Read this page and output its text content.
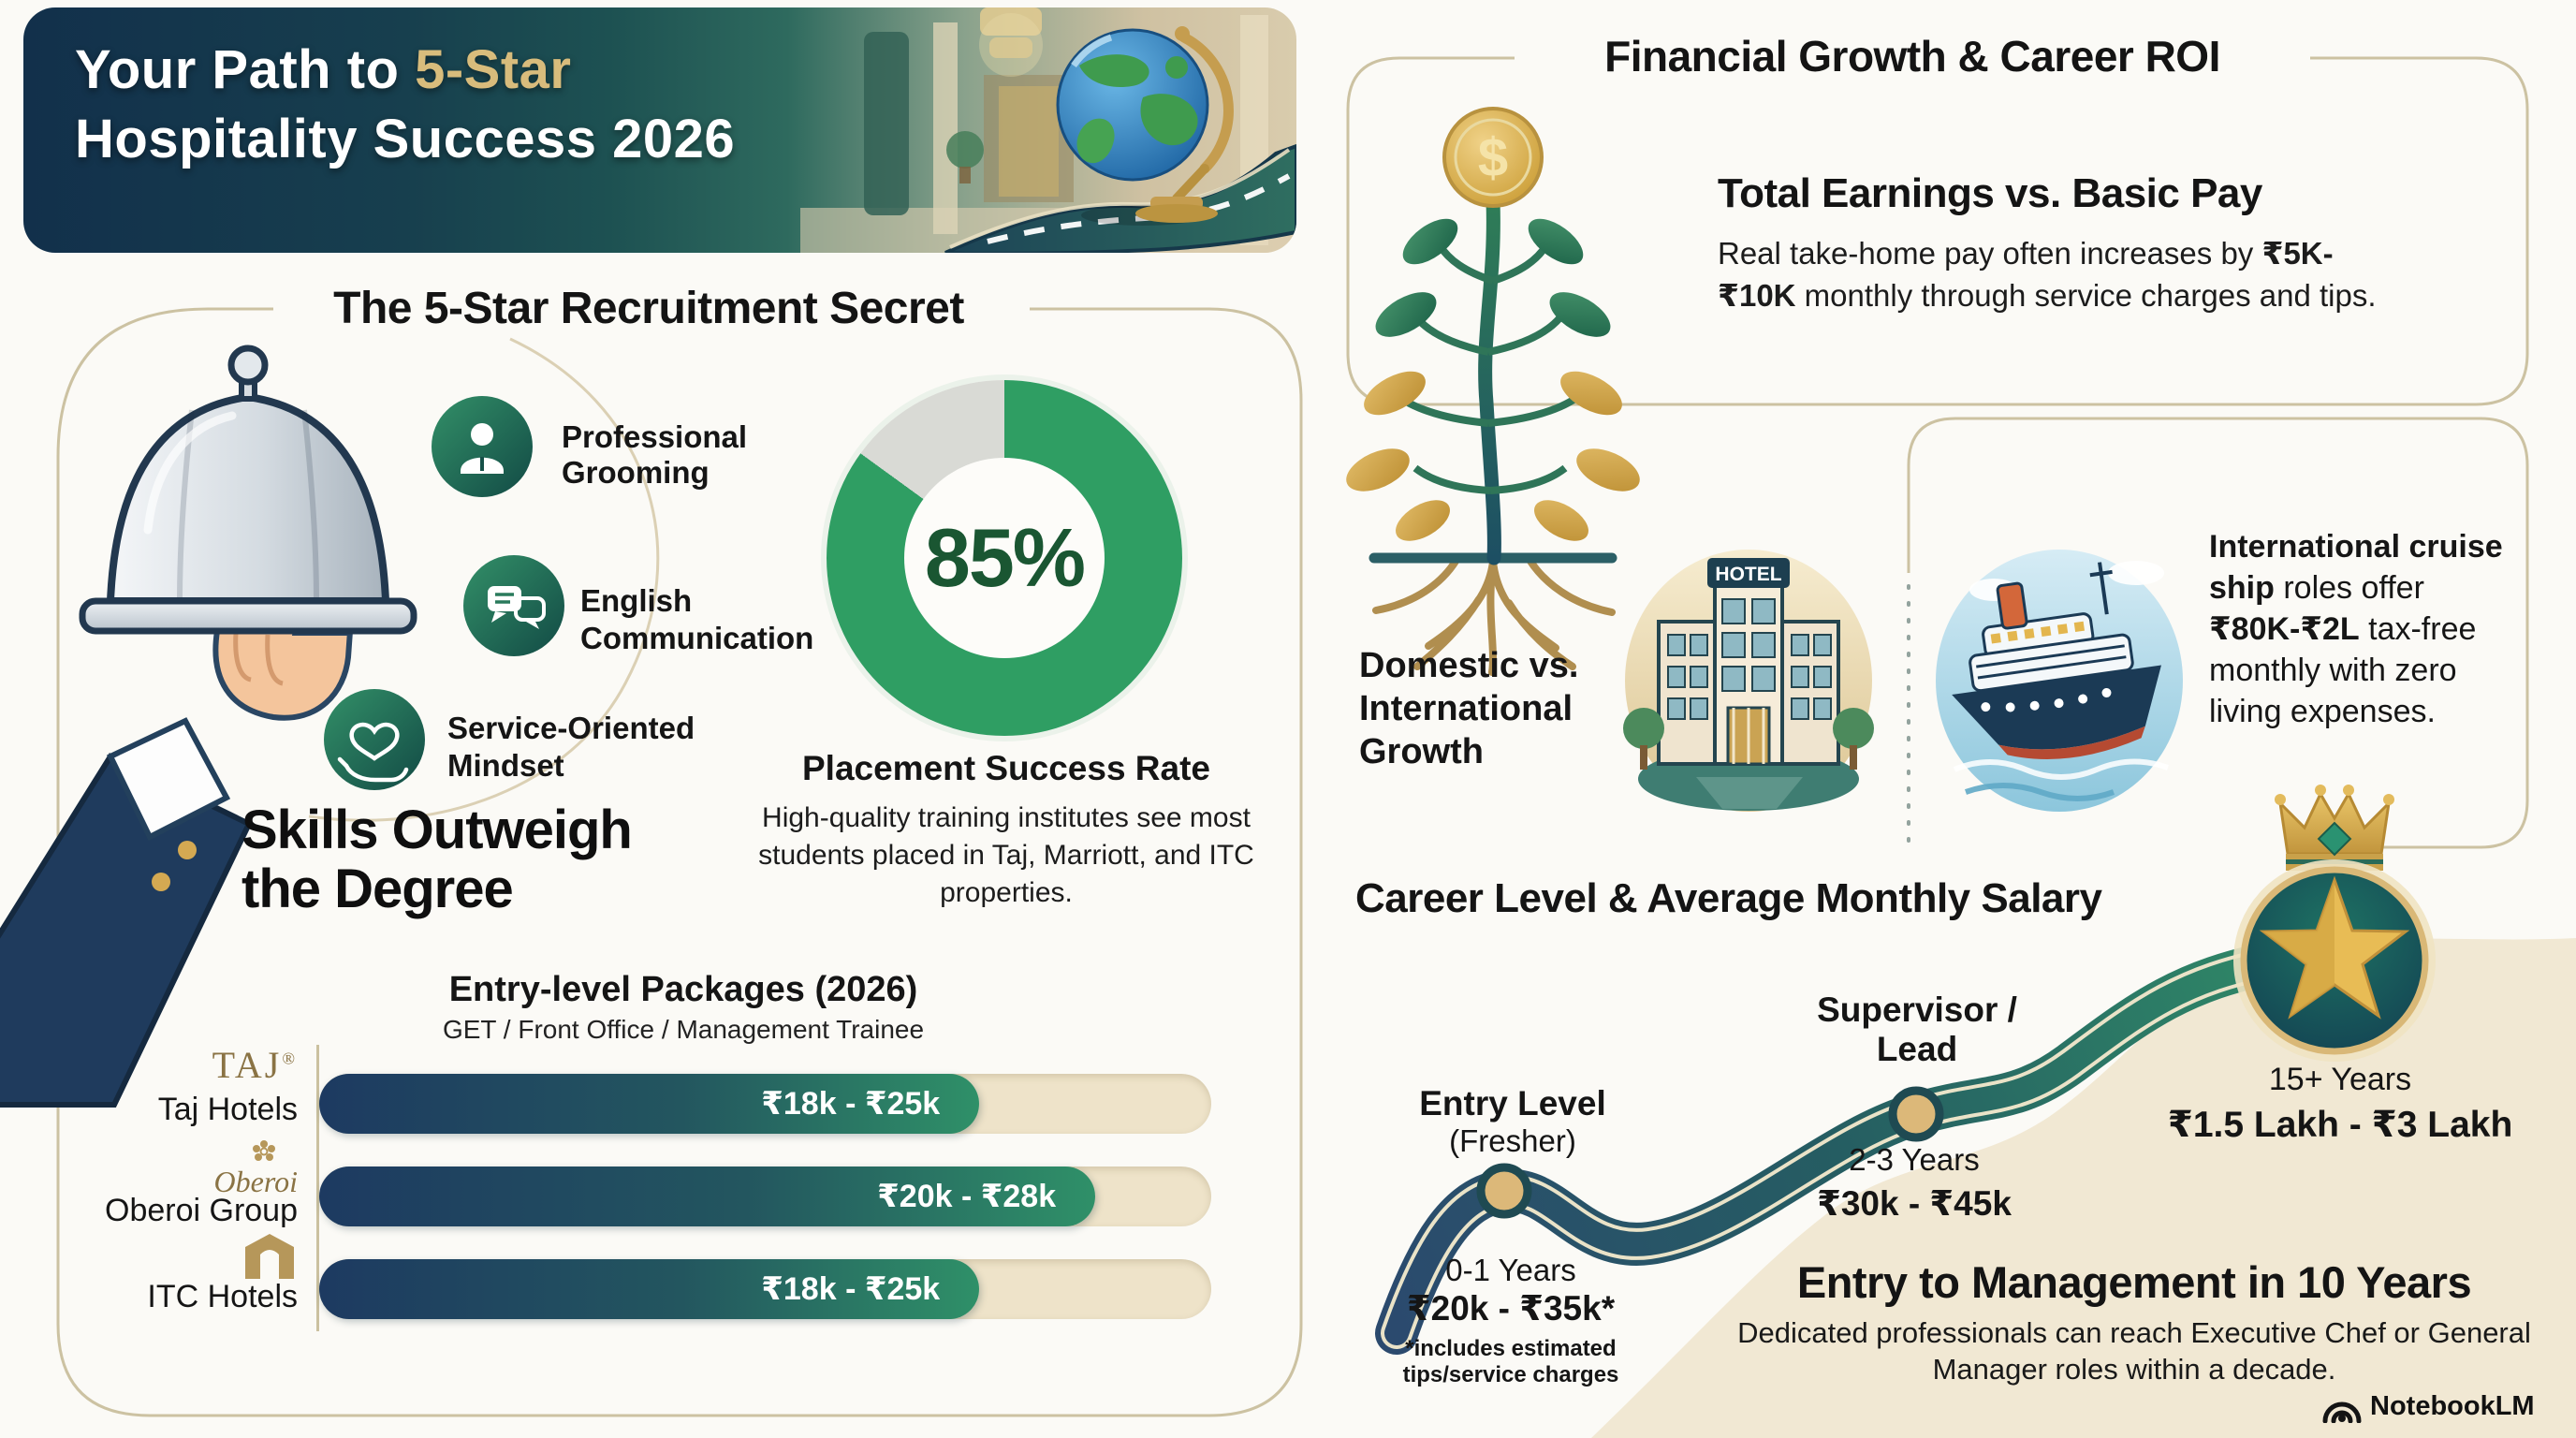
Your Path to 5-Star
Hospitality Success 2026	$
HOTEL
The 5-Star Recruitment Secret
Professional
Grooming
English
Communication
Service-Oriented
Mindset
Skills Outweigh
the Degree
85%
Placement Success Rate
High-quality training institutes see most students placed in Taj, Marriott, and ITC properties.
Entry-level Packages (2026)
GET / Front Office / Management Trainee
TAJ®
Taj Hotels	₹18k - ₹25k
Oberoi
Oberoi Group	₹20k - ₹28k
ITC Hotels	₹18k - ₹25k
Financial Growth & Career ROI
Total Earnings vs. Basic Pay
Real take-home pay often increases by ₹5K-₹10K monthly through service charges and tips.
Domestic vs.
International
Growth
International cruise ship roles offer ₹80K-₹2L tax-free monthly with zero living expenses.
Career Level & Average Monthly Salary
Entry Level
(Fresher)
Supervisor /
Lead
0-1 Years
₹20k - ₹35k*
*includes estimated
tips/service charges
2-3 Years
₹30k - ₹45k
15+ Years
₹1.5 Lakh - ₹3 Lakh
Entry to Management in 10 Years
Dedicated professionals can reach Executive Chef or General Manager roles within a decade.
NotebookLM
